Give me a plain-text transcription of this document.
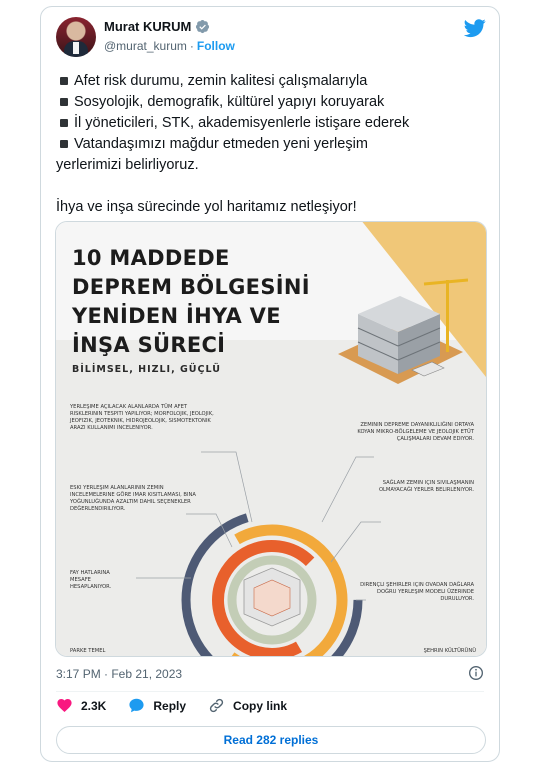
Murat KURUM
@murat_kurum · Follow
Afet risk durumu, zemin kalitesi çalışmalarıyla
Sosyolojik, demografik, kültürel yapıyı koruyarak
İl yöneticileri, STK, akademisyenlerle istişare ederek
Vatandaşımızı mağdur etmeden yeni yerleşim
yerlerimizi belirliyoruz.
İhya ve inşa sürecinde yol haritamız netleşiyor!
10 MADDEDE
DEPREM BÖLGESİNİ
YENİDEN İHYA VE
İNŞA SÜRECİ
BİLİMSEL, HIZLI, GÜÇLÜ
YERLEŞIME AÇILACAK ALANLARDA TÜM AFET RISKLERININ TESPITI YAPILIYOR; MORFOLOJIK, JEOLOJIK, JEOFIZIK, JEOTEKNIK, HIDROJEOLOJIK, SISMOTEKTONIK ARAZI KULLANIMI INCELENIYOR.	ZEMININ DEPREME DAYANIKLILIĞINI ORTAYA KOYAN MIKRO-BÖLGELEME VE JEOLOJIK ETÜT ÇALIŞMALARI DEVAM EDIYOR.
ESKI YERLEŞIM ALANLARININ ZEMIN INCELEMELERINE GÖRE IMAR KISITLAMASI, BINA YOĞUNLUĞUNDA AZALTIM DAHIL SEÇENEKLER DEĞERLENDIRILIYOR.
SAĞLAM ZEMIN IÇIN SIVILAŞMANIN OLMAYACAĞI YERLER BELIRLENIYOR.
FAY HATLARINA MESAFE HESAPLANIYOR.	DIRENÇLI ŞEHIRLER IÇIN OVADAN DAĞLARA DOĞRU YERLEŞIM MODELI ÜZERINDE DURULUYOR.
PARKE TEMEL	ŞEHRIN KÜLTÜRÜNÜ
3:17 PM · Feb 21, 2023
2.3K	Reply	Copy link
Read 282 replies
